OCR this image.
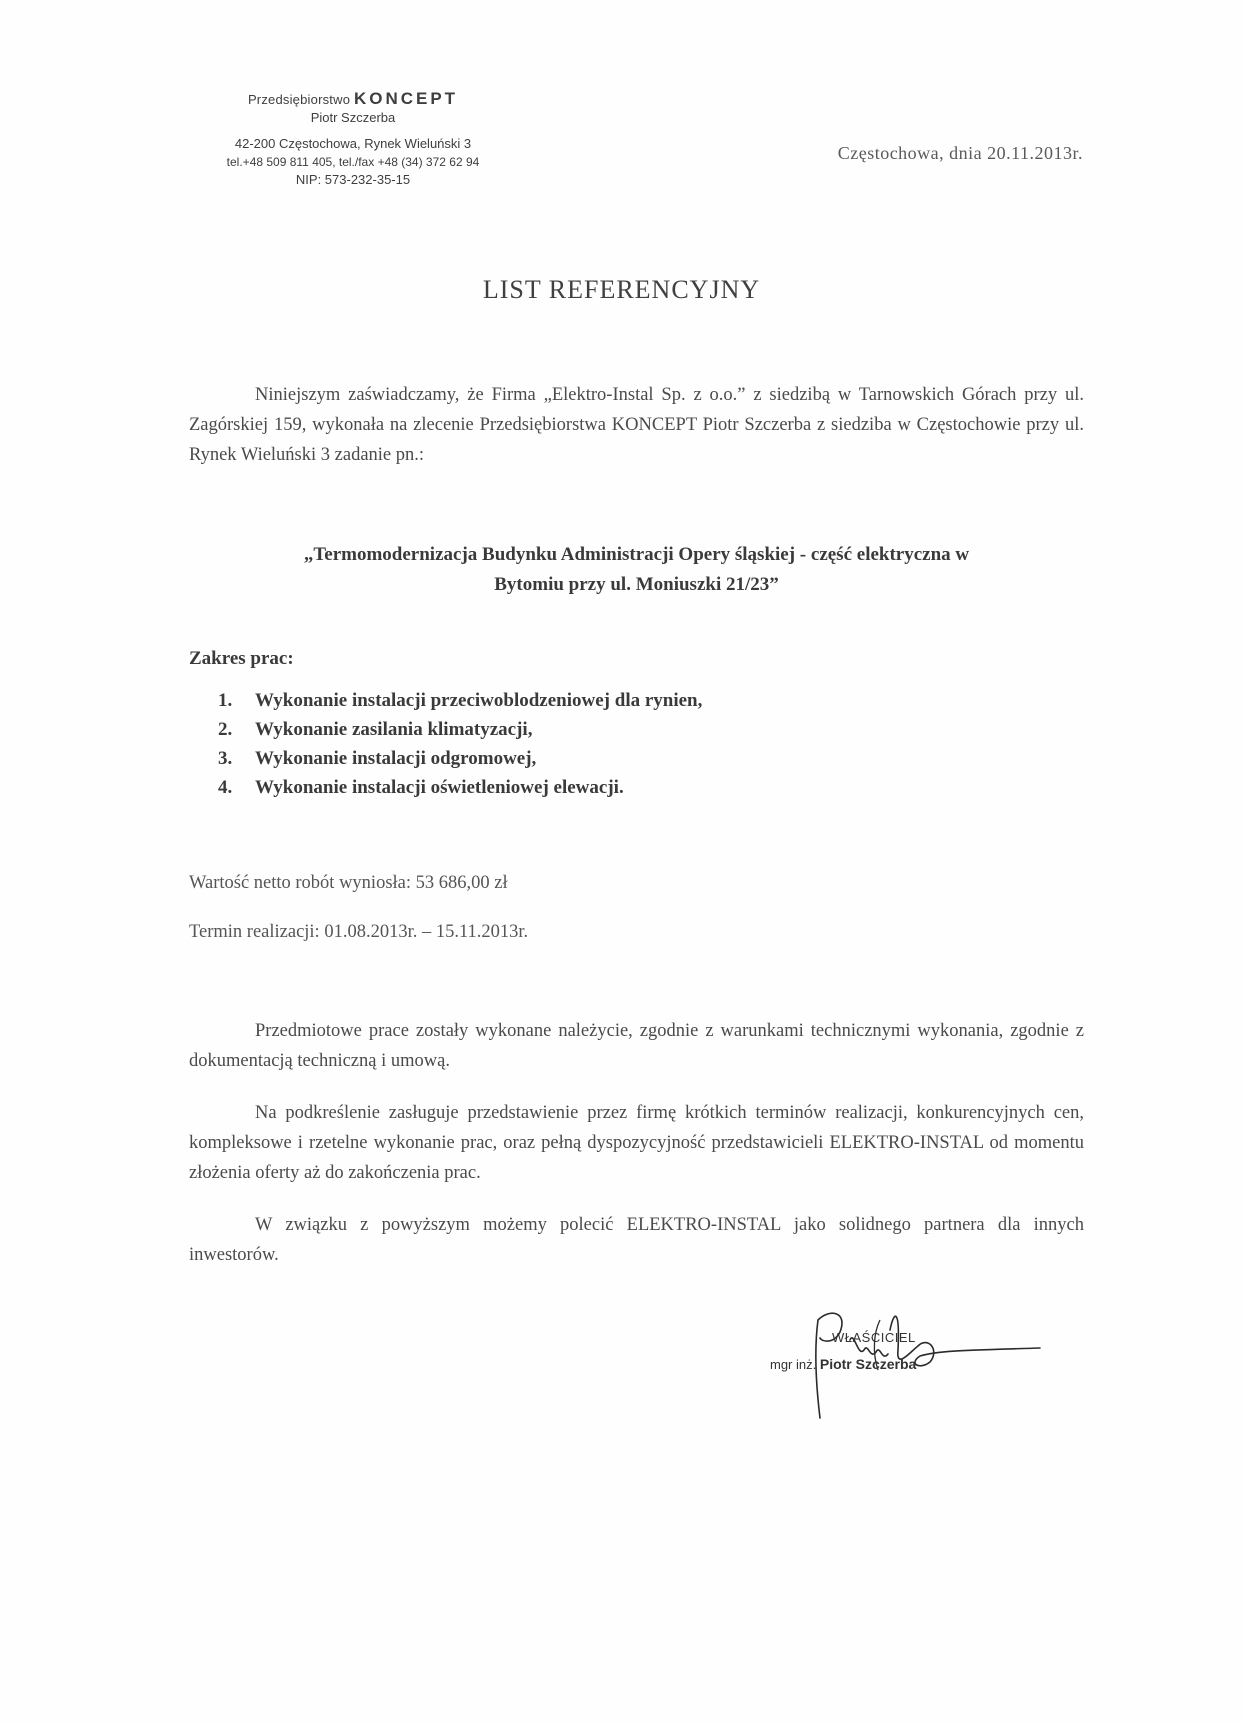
Przedsiębiorstwo KONCEPT
Piotr Szczerba
42-200 Częstochowa, Rynek Wieluński 3
tel.+48 509 811 405, tel./fax +48 (34) 372 62 94
NIP: 573-232-35-15
Częstochowa, dnia 20.11.2013r.
LIST REFERENCYJNY
Niniejszym zaświadczamy, że Firma „Elektro-Instal Sp. z o.o.” z siedzibą w Tarnowskich Górach przy ul. Zagórskiej 159, wykonała na zlecenie Przedsiębiorstwa KONCEPT Piotr Szczerba z siedziba w Częstochowie przy ul. Rynek Wieluński 3 zadanie pn.:
„Termomodernizacja Budynku Administracji Opery śląskiej - część elektryczna w
Bytomiu przy ul. Moniuszki 21/23”
Zakres prac:
1. Wykonanie instalacji przeciwoblodzeniowej dla rynien,
2. Wykonanie zasilania klimatyzacji,
3. Wykonanie instalacji odgromowej,
4. Wykonanie instalacji oświetleniowej elewacji.
Wartość netto robót wyniosła: 53 686,00 zł
Termin realizacji: 01.08.2013r. – 15.11.2013r.
Przedmiotowe prace zostały wykonane należycie, zgodnie z warunkami technicznymi wykonania, zgodnie z dokumentacją techniczną i umową.
Na podkreślenie zasługuje przedstawienie przez firmę krótkich terminów realizacji, konkurencyjnych cen, kompleksowe i rzetelne wykonanie prac, oraz pełną dyspozycyjność przedstawicieli ELEKTRO-INSTAL od momentu złożenia oferty aż do zakończenia prac.
W związku z powyższym możemy polecić ELEKTRO-INSTAL jako solidnego partnera dla innych inwestorów.
WŁAŚCICIEL
mgr inż. Piotr Szczerba
